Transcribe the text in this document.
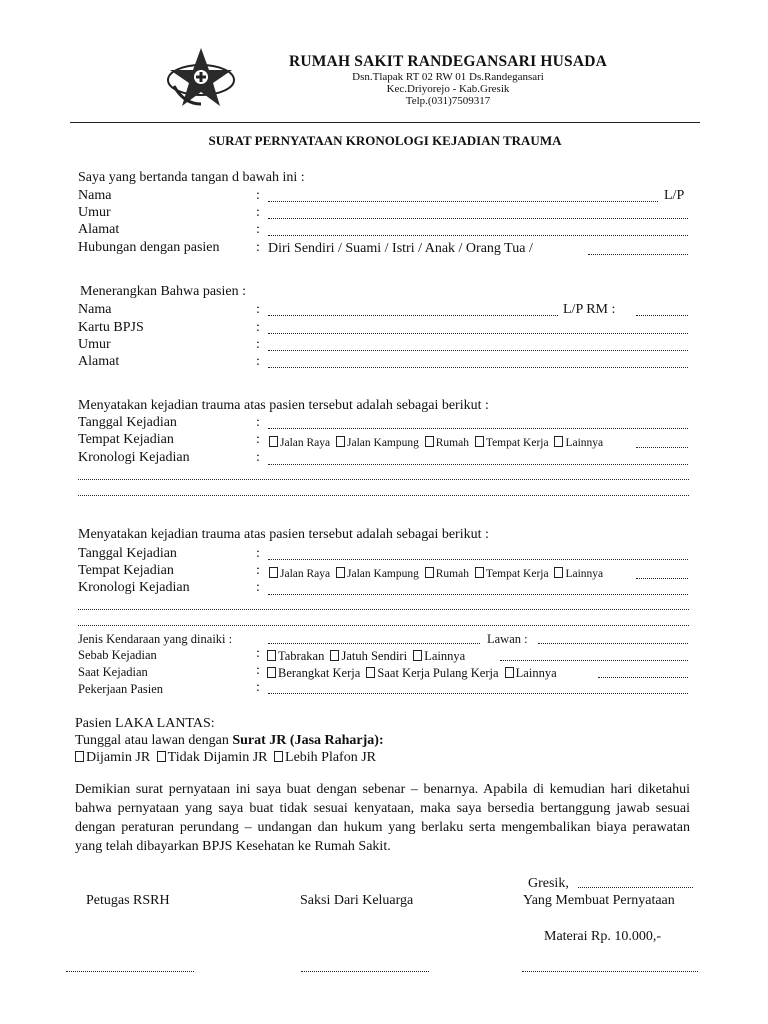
RUMAH SAKIT RANDEGANSARI HUSADA
Dsn.Tlapak RT 02 RW 01 Ds.Randegansari
Kec.Driyorejo - Kab.Gresik
Telp.(031)7509317
SURAT PERNYATAAN KRONOLOGI KEJADIAN TRAUMA
Saya yang bertanda tangan d bawah ini :
Nama	:	L/P
Umur	:
Alamat	:
Hubungan dengan pasien	: Diri Sendiri / Suami / Istri / Anak / Orang Tua /
Menerangkan Bahwa pasien :
Nama	:	L/P RM :
Kartu BPJS	:
Umur	:
Alamat	:
Menyatakan kejadian trauma atas pasien tersebut adalah sebagai berikut :
Tanggal Kejadian	:
Tempat Kejadian	:	Jalan Raya Jalan Kampung Rumah Tempat Kerja Lainnya
Kronologi Kejadian	:
Menyatakan kejadian trauma atas pasien tersebut adalah sebagai berikut :
Tanggal Kejadian	:
Tempat Kejadian	:	Jalan Raya Jalan Kampung Rumah Tempat Kerja Lainnya
Kronologi Kejadian	:
Jenis Kendaraan yang dinaiki :	Lawan :
Sebab Kejadian	:	Tabrakan Jatuh Sendiri Lainnya
Saat Kejadian	:	Berangkat Kerja Saat Kerja Pulang Kerja Lainnya
Pekerjaan Pasien	:
Pasien LAKA LANTAS:
Tunggal atau lawan dengan Surat JR (Jasa Raharja):
Dijamin JR Tidak Dijamin JR Lebih Plafon JR
Demikian surat pernyataan ini saya buat dengan sebenar – benarnya. Apabila di kemudian hari diketahui bahwa pernyataan yang saya buat tidak sesuai kenyataan, maka saya bersedia bertanggung jawab sesuai dengan peraturan perundang – undangan dan hukum yang berlaku serta mengembalikan biaya perawatan yang telah dibayarkan BPJS Kesehatan ke Rumah Sakit.
Gresik,
Petugas RSRH	Saksi Dari Keluarga	Yang Membuat Pernyataan
Materai Rp. 10.000,-
